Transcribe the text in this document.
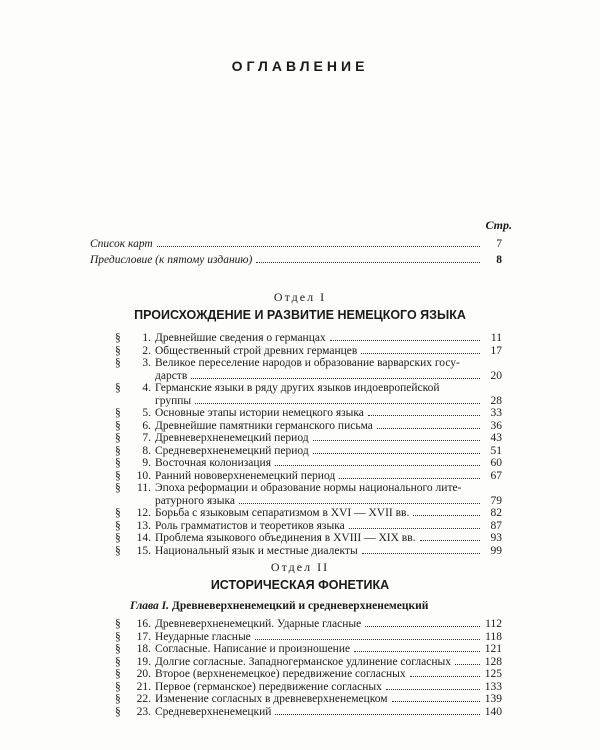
ОГЛАВЛЕНИЕ
Стр.
Список карт	7
Предисловие (к пятому изданию)	8
Отдел I
ПРОИСХОЖДЕНИЕ И РАЗВИТИЕ НЕМЕЦКОГО ЯЗЫКА
§	1. Древнейшие сведения о германцах	11
§	2. Общественный строй древних германцев	17
§	3. Великое переселение народов и образование варварских госу-
дарств	20
§	4. Германские языки в ряду других языков индоевропейской
группы	28
§	5. Основные этапы истории немецкого языка	33
§	6. Древнейшие памятники германского письма	36
§	7. Древневерхненемецкий период	43
§	8. Средневерхненемецкий период	51
§	9. Восточная колонизация	60
§	10. Ранний нововерхненемецкий период	67
§	11. Эпоха реформации и образование нормы национального лите-
ратурного языка	79
§	12. Борьба с языковым сепаратизмом в XVI — XVII вв.	82
§	13. Роль грамматистов и теоретиков языка	87
§	14. Проблема языкового объединения в XVIII — XIX вв.	93
§	15. Национальный язык и местные диалекты	99
Отдел II
ИСТОРИЧЕСКАЯ ФОНЕТИКА
Глава I. Древневерхненемецкий и средневерхненемецкий
§	16. Древневерхненемецкий. Ударные гласные	112
§	17. Неударные гласные	118
§	18. Согласные. Написание и произношение	121
§	19. Долгие согласные. Западногерманское удлинение согласных	128
§	20. Второе (верхненемецкое) передвижение согласных	125
§	21. Первое (германское) передвижение согласных	133
§	22. Изменение согласных в древневерхненемецком	139
§	23. Средневерхненемецкий	140
